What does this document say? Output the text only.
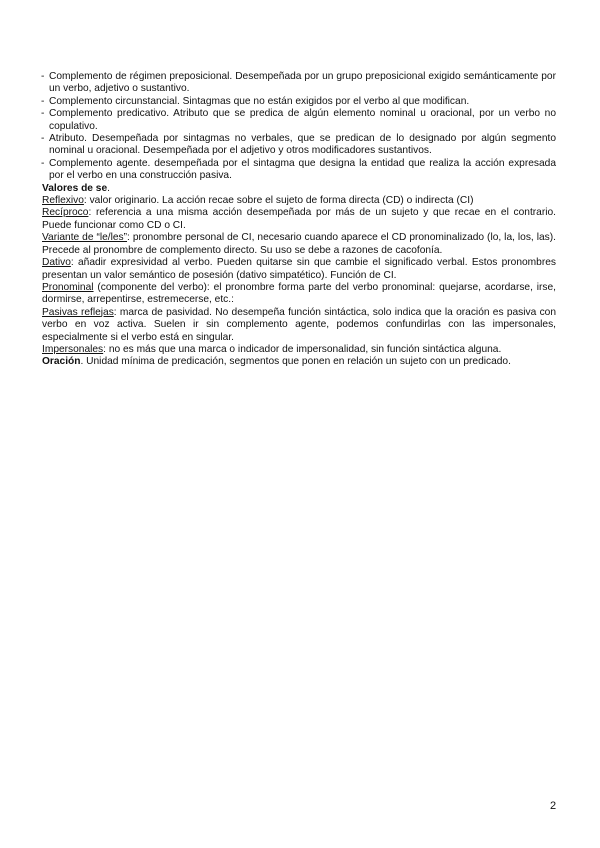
- Complemento de régimen preposicional. Desempeñada por un grupo preposicional exigido semánticamente por un verbo, adjetivo o sustantivo.
- Complemento circunstancial. Sintagmas que no están exigidos por el verbo al que modifican.
- Complemento predicativo. Atributo que se predica de algún elemento nominal u oracional, por un verbo no copulativo.
- Atributo. Desempeñada por sintagmas no verbales, que se predican de lo designado por algún segmento nominal u oracional. Desempeñada por el adjetivo y otros modificadores sustantivos.
- Complemento agente. desempeñada por el sintagma que designa la entidad que realiza la acción expresada por el verbo en una construcción pasiva.

Valores de se.

Reflexivo: valor originario. La acción recae sobre el sujeto de forma directa (CD) o indirecta (CI)

Recíproco: referencia a una misma acción desempeñada por más de un sujeto y que recae en el contrario. Puede funcionar como CD o CI.

Variante de “le/les”: pronombre personal de CI, necesario cuando aparece el CD pronominalizado (lo, la, los, las). Precede al pronombre de complemento directo. Su uso se debe a razones de cacofonía.

Dativo: añadir expresividad al verbo. Pueden quitarse sin que cambie el significado verbal. Estos pronombres presentan un valor semántico de posesión (dativo simpatético). Función de CI.

Pronominal (componente del verbo): el pronombre forma parte del verbo pronominal: quejarse, acordarse, irse, dormirse, arrepentirse, estremecerse, etc.:

Pasivas reflejas: marca de pasividad. No desempeña función sintáctica, solo indica que la oración es pasiva con verbo en voz activa. Suelen ir sin complemento agente, podemos confundirlas con las impersonales, especialmente si el verbo está en singular.

Impersonales: no es más que una marca o indicador de impersonalidad, sin función sintáctica alguna.

Oración. Unidad mínima de predicación, segmentos que ponen en relación un sujeto con un predicado.

2
